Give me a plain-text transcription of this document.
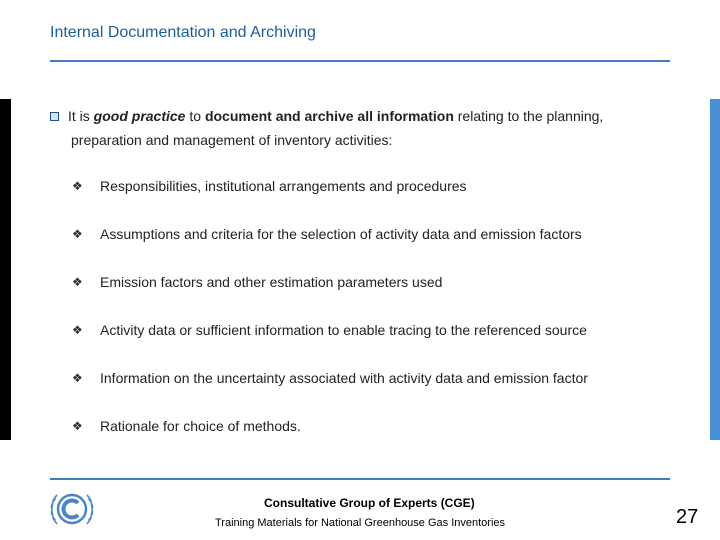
Internal Documentation and Archiving
It is good practice to document and archive all information relating to the planning,
preparation and management of inventory activities:
❖	Responsibilities, institutional arrangements and procedures
❖	Assumptions and criteria for the selection of activity data and emission factors
❖	Emission factors and other estimation parameters used
❖	Activity data or sufficient information to enable tracing to the referenced source
❖	Information on the uncertainty associated with activity data and emission factor
❖	Rationale for choice of methods.
Consultative Group of Experts (CGE)
Training Materials for National Greenhouse Gas Inventories	27
